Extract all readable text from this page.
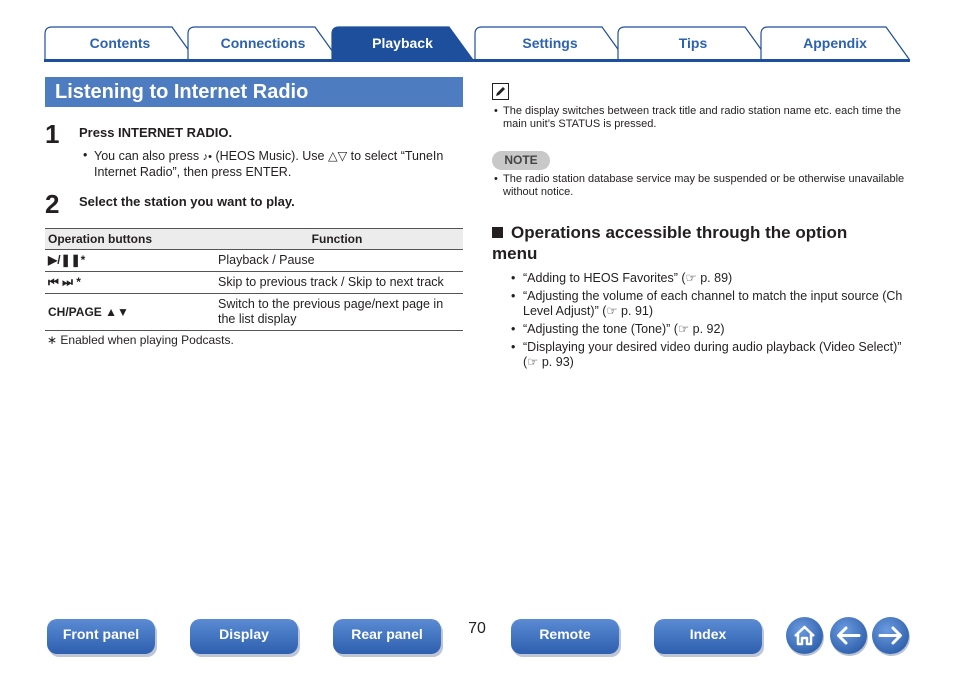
Contents	Connections	Playback	Settings	Tips	Appendix
Listening to Internet Radio
1 Press INTERNET RADIO.
• You can also press ♪• (HEOS Music). Use △▽ to select “TuneIn
Internet Radio”, then press ENTER.
2 Select the station you want to play.
Operation buttons	Function
▶/❚❚*	Playback / Pause
⏮ ⏭ *	Skip to previous track / Skip to next track
CH/PAGE ▲▼	Switch to the previous page/next page in the list display
∗ Enabled when playing Podcasts.
• The display switches between track title and radio station name etc. each time the main unit’s STATUS is pressed.
NOTE
• The radio station database service may be suspended or be otherwise unavailable without notice.
Operations accessible through the option menu
• “Adding to HEOS Favorites” (☞ p. 89)
• “Adjusting the volume of each channel to match the input source (Ch Level Adjust)” (☞ p. 91)
• “Adjusting the tone (Tone)” (☞ p. 92)
• “Displaying your desired video during audio playback (Video Select)” (☞ p. 93)
Front panel	Display	Rear panel	70	Remote	Index
